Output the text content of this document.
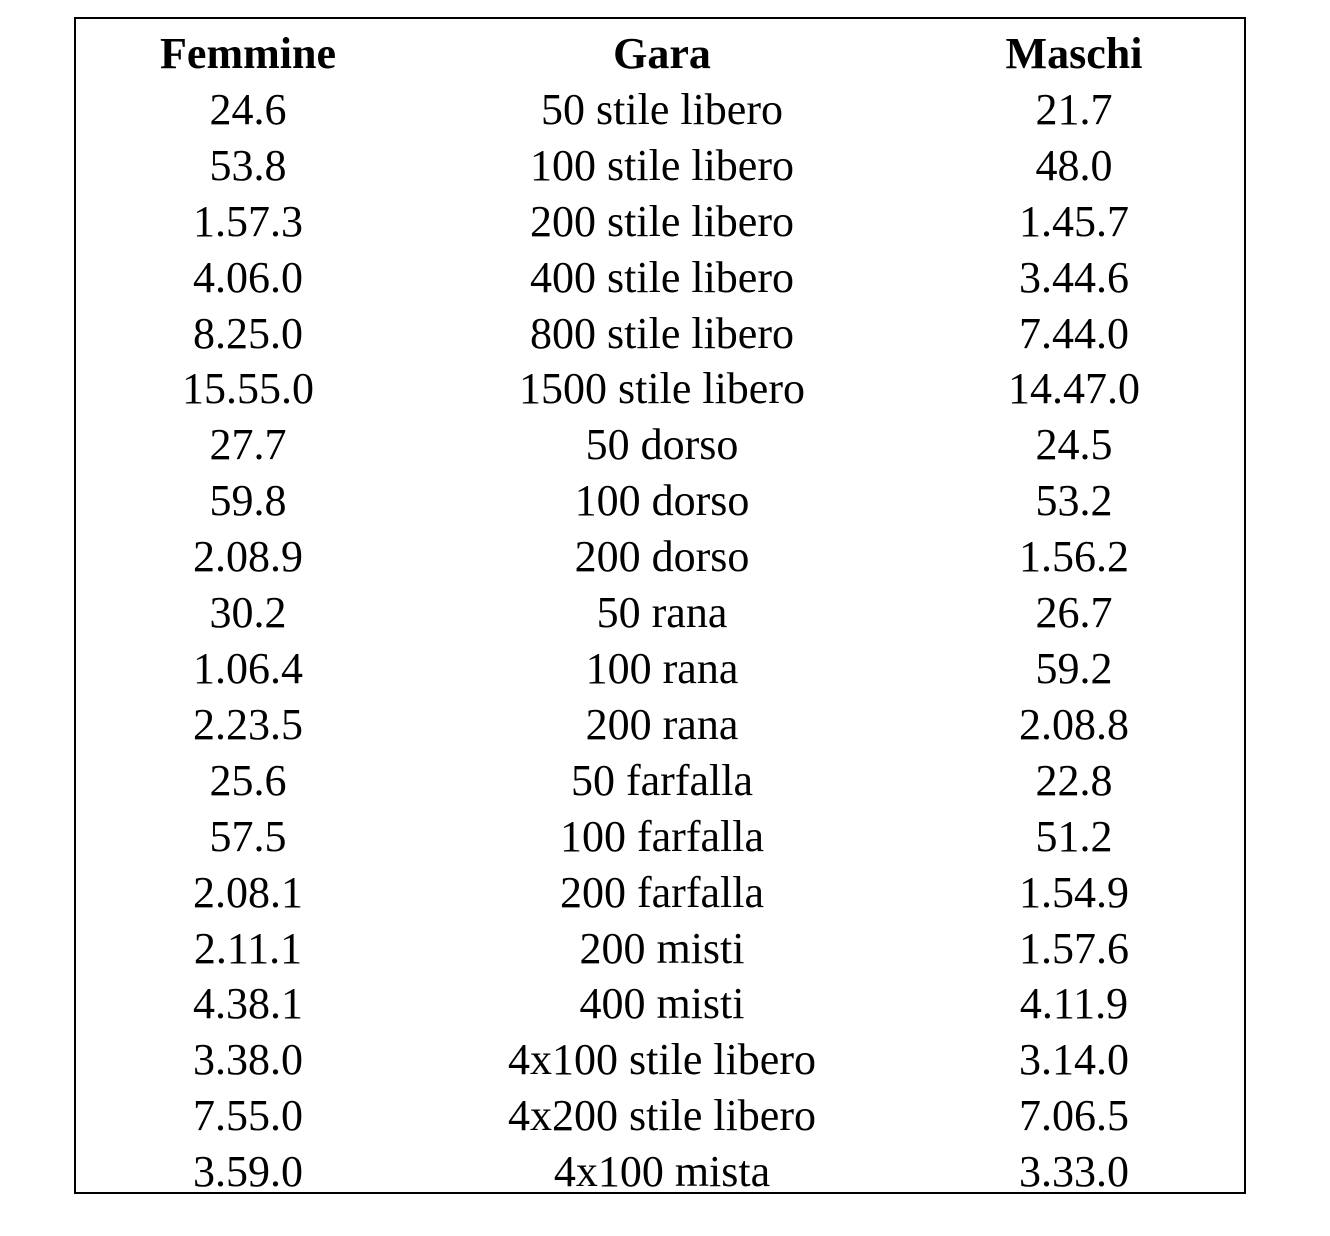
Femmine	Gara	Maschi
24.6	50 stile libero	21.7
53.8	100 stile libero	48.0
1.57.3	200 stile libero	1.45.7
4.06.0	400 stile libero	3.44.6
8.25.0	800 stile libero	7.44.0
15.55.0	1500 stile libero	14.47.0
27.7	50 dorso	24.5
59.8	100 dorso	53.2
2.08.9	200 dorso	1.56.2
30.2	50 rana	26.7
1.06.4	100 rana	59.2
2.23.5	200 rana	2.08.8
25.6	50 farfalla	22.8
57.5	100 farfalla	51.2
2.08.1	200 farfalla	1.54.9
2.11.1	200 misti	1.57.6
4.38.1	400 misti	4.11.9
3.38.0	4x100 stile libero	3.14.0
7.55.0	4x200 stile libero	7.06.5
3.59.0	4x100 mista	3.33.0
